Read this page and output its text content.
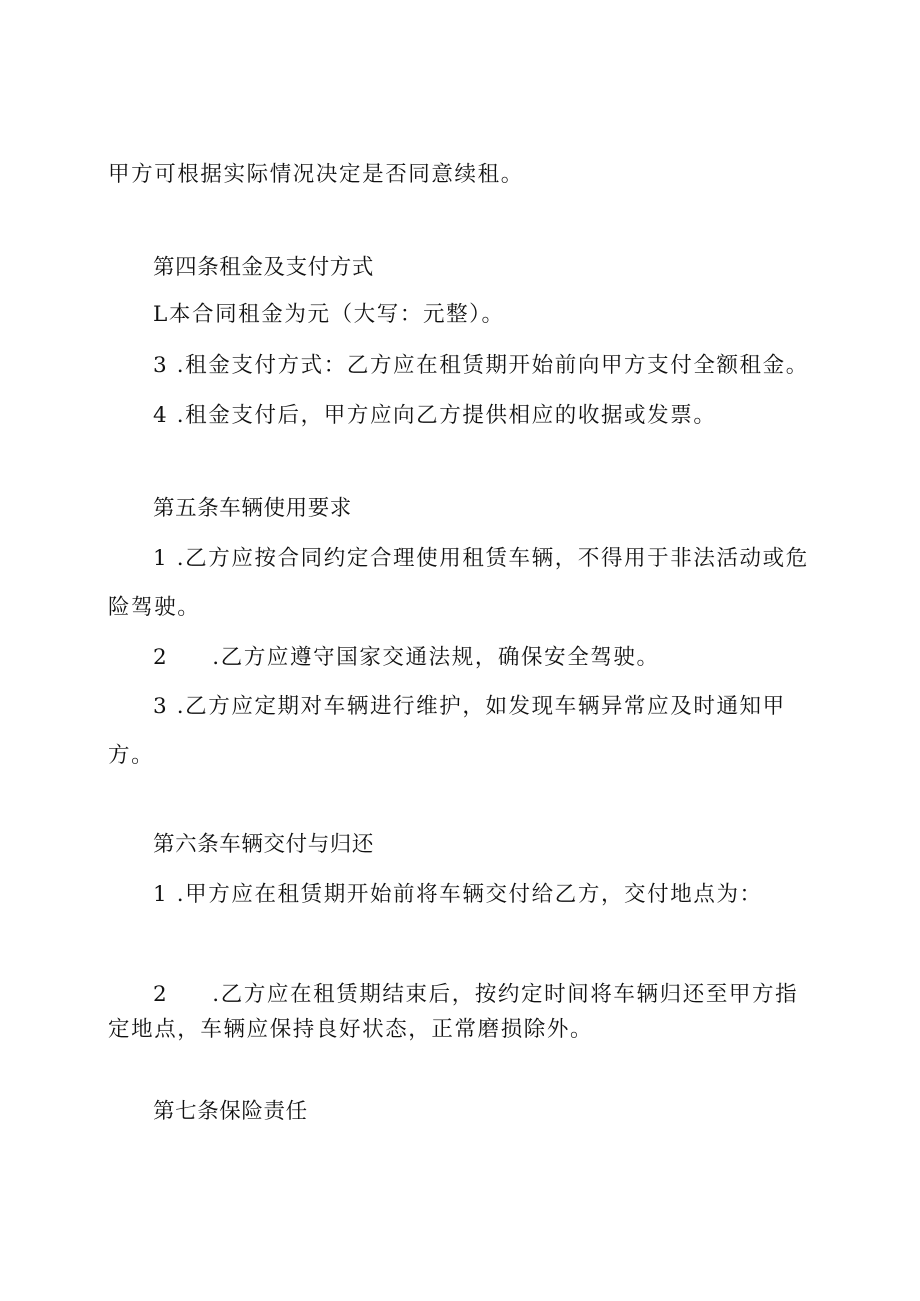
甲方可根据实际情况决定是否同意续租。

第四条租金及支付方式

L本合同租金为元（大写：元整）。

3 .租金支付方式：乙方应在租赁期开始前向甲方支付全额租金。

4 .租金支付后，甲方应向乙方提供相应的收据或发票。

第五条车辆使用要求

1 .乙方应按合同约定合理使用租赁车辆，不得用于非法活动或危

险驾驶。

2 .乙方应遵守国家交通法规，确保安全驾驶。

3 .乙方应定期对车辆进行维护，如发现车辆异常应及时通知甲

方。

第六条车辆交付与归还

1 .甲方应在租赁期开始前将车辆交付给乙方，交付地点为：

2 .乙方应在租赁期结束后，按约定时间将车辆归还至甲方指

定地点，车辆应保持良好状态，正常磨损除外。

第七条保险责任
